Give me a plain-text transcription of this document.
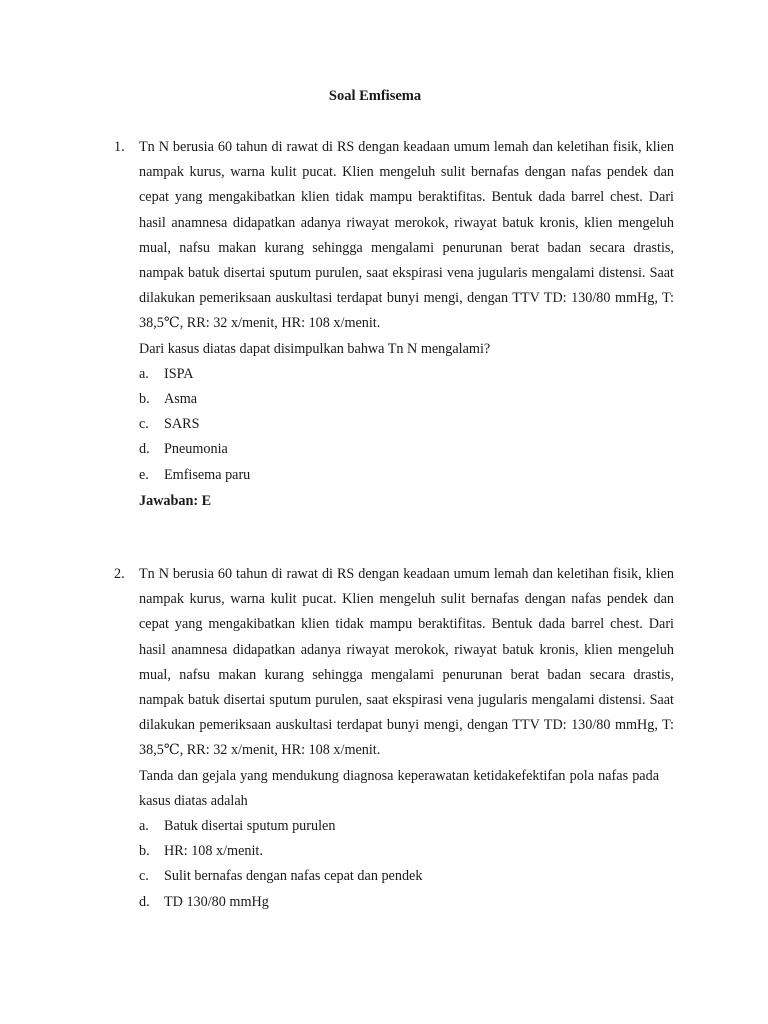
Soal Emfisema
1. Tn N berusia 60 tahun di rawat di RS dengan keadaan umum lemah dan keletihan fisik, klien nampak kurus, warna kulit pucat. Klien mengeluh sulit bernafas dengan nafas pendek dan cepat yang mengakibatkan klien tidak mampu beraktifitas. Bentuk dada barrel chest. Dari hasil anamnesa didapatkan adanya riwayat merokok, riwayat batuk kronis, klien mengeluh mual, nafsu makan kurang sehingga mengalami penurunan berat badan secara drastis, nampak batuk disertai sputum purulen, saat ekspirasi vena jugularis mengalami distensi. Saat dilakukan pemeriksaan auskultasi terdapat bunyi mengi, dengan TTV TD: 130/80 mmHg, T: 38,5℃, RR: 32 x/menit, HR: 108 x/menit.

Dari kasus diatas dapat disimpulkan bahwa Tn N mengalami?

a. ISPA
b. Asma
c. SARS
d. Pneumonia
e. Emfisema paru
Jawaban: E
2. Tn N berusia 60 tahun di rawat di RS dengan keadaan umum lemah dan keletihan fisik, klien nampak kurus, warna kulit pucat. Klien mengeluh sulit bernafas dengan nafas pendek dan cepat yang mengakibatkan klien tidak mampu beraktifitas. Bentuk dada barrel chest. Dari hasil anamnesa didapatkan adanya riwayat merokok, riwayat batuk kronis, klien mengeluh mual, nafsu makan kurang sehingga mengalami penurunan berat badan secara drastis, nampak batuk disertai sputum purulen, saat ekspirasi vena jugularis mengalami distensi. Saat dilakukan pemeriksaan auskultasi terdapat bunyi mengi, dengan TTV TD: 130/80 mmHg, T: 38,5℃, RR: 32 x/menit, HR: 108 x/menit.

Tanda dan gejala yang mendukung diagnosa keperawatan ketidakefektifan pola nafas pada kasus diatas adalah

a. Batuk disertai sputum purulen
b. HR: 108 x/menit.
c. Sulit bernafas dengan nafas cepat dan pendek
d. TD 130/80 mmHg
